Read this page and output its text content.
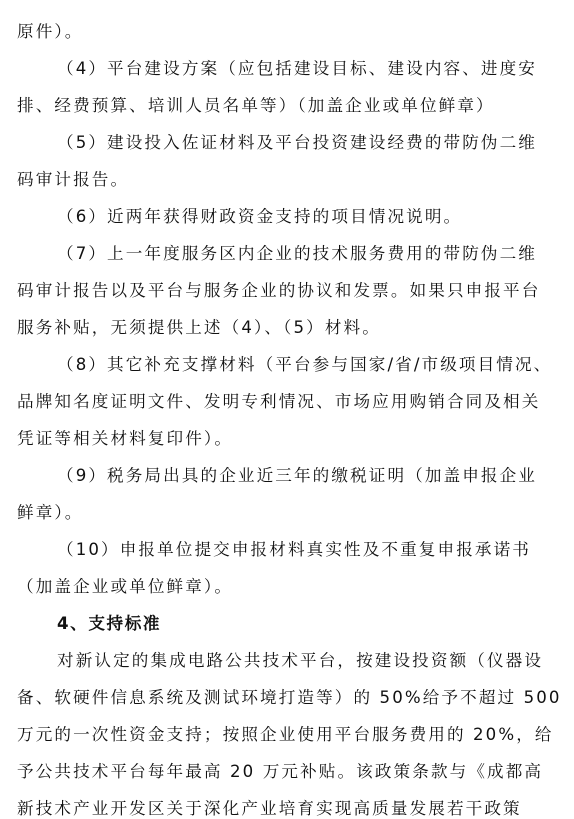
原件）。
（4）平台建设方案（应包括建设目标、建设内容、进度安
排、经费预算、培训人员名单等）（加盖企业或单位鲜章）
（5）建设投入佐证材料及平台投资建设经费的带防伪二维
码审计报告。
（6）近两年获得财政资金支持的项目情况说明。
（7）上一年度服务区内企业的技术服务费用的带防伪二维
码审计报告以及平台与服务企业的协议和发票。如果只申报平台
服务补贴，无须提供上述（4）、（5）材料。
（8）其它补充支撑材料（平台参与国家/省/市级项目情况、
品牌知名度证明文件、发明专利情况、市场应用购销合同及相关
凭证等相关材料复印件）。
（9）税务局出具的企业近三年的缴税证明（加盖申报企业
鲜章）。
（10）申报单位提交申报材料真实性及不重复申报承诺书
（加盖企业或单位鲜章）。
4、支持标准
对新认定的集成电路公共技术平台，按建设投资额（仪器设
备、软硬件信息系统及测试环境打造等）的 50%给予不超过 500
万元的一次性资金支持；按照企业使用平台服务费用的 20%，给
予公共技术平台每年最高 20 万元补贴。该政策条款与《成都高
新技术产业开发区关于深化产业培育实现高质量发展若干政策
